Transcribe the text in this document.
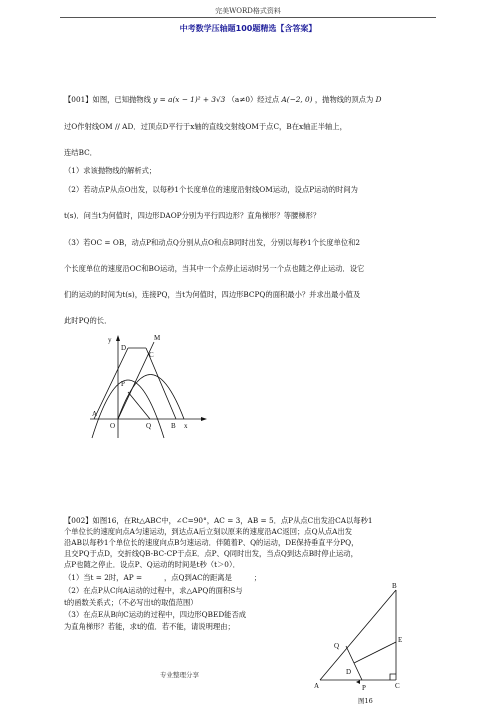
完美WORD格式资料
中考数学压轴题100题精选【含答案】
【001】如图，已知抛物线 y = a(x − 1)² + 3√3 （a≠0）经过点 A(−2, 0) ，抛物线的顶点为 D
过O作射线OM // AD．过顶点D平行于x轴的直线交射线OM于点C，B在x轴正半轴上，
连结BC．
（1）求该抛物线的解析式；
（2）若动点P从点O出发，以每秒1个长度单位的速度沿射线OM运动，设点P运动的时间为
t(s)．问当t为何值时，四边形DAOP分别为平行四边形？直角梯形？等腰梯形？
（3）若OC = OB，动点P和动点Q分别从点O和点B同时出发，分别以每秒1个长度单位和2
个长度单位的速度沿OC和BO运动，当其中一个点停止运动时另一个点也随之停止运动．设它
们的运动的时间为t(s)，连接PQ，当t为何值时，四边形BCPQ的面积最小？并求出最小值及
此时PQ的长．
y	M
D
C
P
A
O	Q	B x
【002】如图16，在Rt△ABC中，∠C=90°，AC = 3，AB = 5．点P从点C出发沿CA以每秒1
个单位长的速度向点A匀速运动，到达点A后立刻以原来的速度沿AC返回；点Q从点A出发
沿AB以每秒1个单位长的速度向点B匀速运动．伴随着P、Q的运动，DE保持垂直平分PQ，
且交PQ于点D，交折线QB-BC-CP于点E．点P、Q同时出发，当点Q到达点B时停止运动，
点P也随之停止．设点P、Q运动的时间是t秒（t＞0）．
（1）当t = 2时，AP =　　　，点Q到AC的距离是　　　；
（2）在点P从C向A运动的过程中，求△APQ的面积S与
t的函数关系式；（不必写出t的取值范围）
（3）在点E从B向C运动的过程中，四边形QBED能否成
为直角梯形？若能，求t的值．若不能，请说明理由；
专业整理分享
B
E
Q
D
A	P	C
图16
